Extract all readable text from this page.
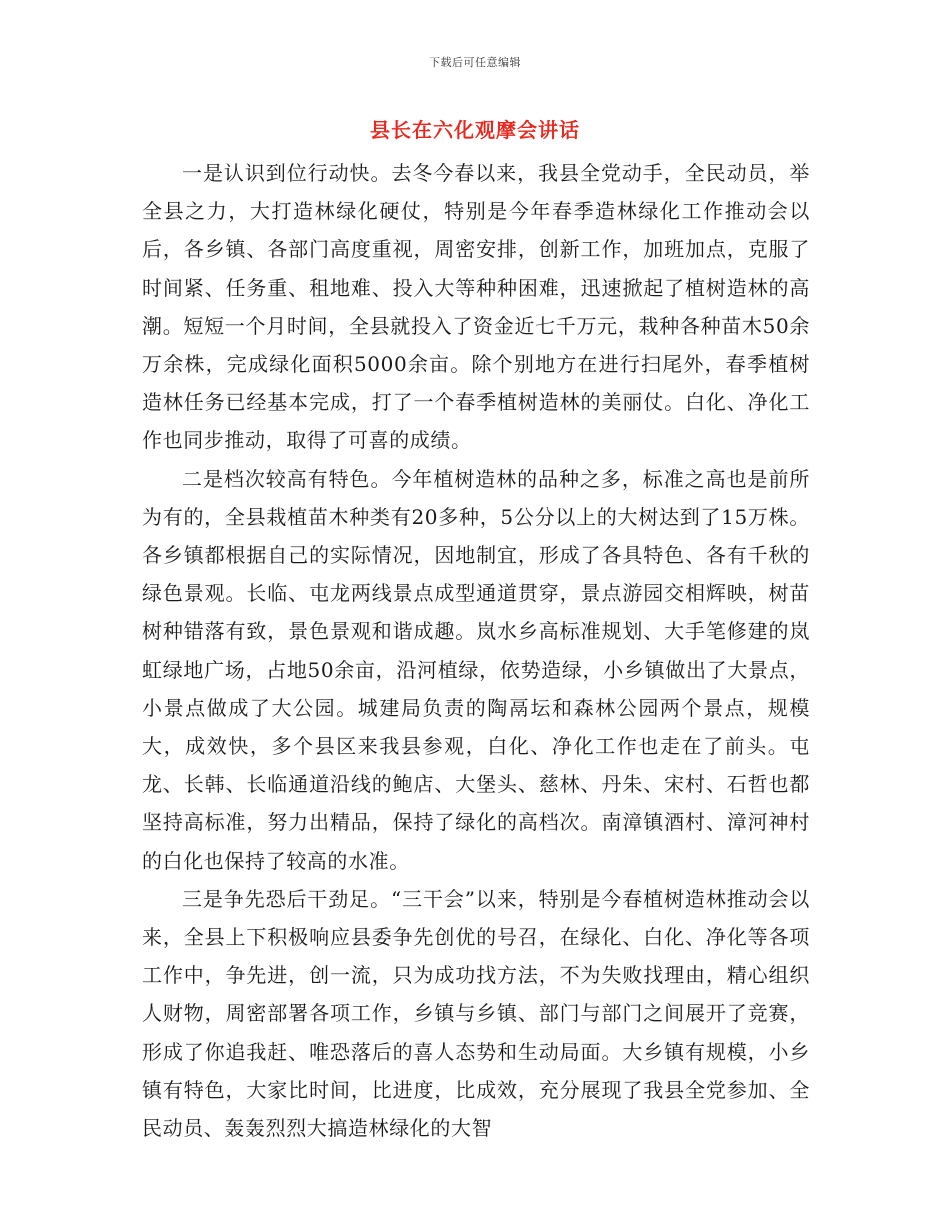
下载后可任意编辑
县长在六化观摩会讲话

一是认识到位行动快。去冬今春以来，我县全党动手，全民动员，举全县之力，大打造林绿化硬仗，特别是今年春季造林绿化工作推动会以后，各乡镇、各部门高度重视，周密安排，创新工作，加班加点，克服了时间紧、任务重、租地难、投入大等种种困难，迅速掀起了植树造林的高潮。短短一个月时间，全县就投入了资金近七千万元，栽种各种苗木50余万余株，完成绿化面积5000余亩。除个别地方在进行扫尾外，春季植树造林任务已经基本完成，打了一个春季植树造林的美丽仗。白化、净化工作也同步推动，取得了可喜的成绩。

二是档次较高有特色。今年植树造林的品种之多，标准之高也是前所为有的，全县栽植苗木种类有20多种，5公分以上的大树达到了15万株。各乡镇都根据自己的实际情况，因地制宜，形成了各具特色、各有千秋的绿色景观。长临、屯龙两线景点成型通道贯穿，景点游园交相辉映，树苗树种错落有致，景色景观和谐成趣。岚水乡高标准规划、大手笔修建的岚虹绿地广场，占地50余亩，沿河植绿，依势造绿，小乡镇做出了大景点，小景点做成了大公园。城建局负责的陶鬲坛和森林公园两个景点，规模大，成效快，多个县区来我县参观，白化、净化工作也走在了前头。屯龙、长韩、长临通道沿线的鲍店、大堡头、慈林、丹朱、宋村、石哲也都坚持高标准，努力出精品，保持了绿化的高档次。南漳镇酒村、漳河神村的白化也保持了较高的水准。

三是争先恐后干劲足。“三干会”以来，特别是今春植树造林推动会以来，全县上下积极响应县委争先创优的号召，在绿化、白化、净化等各项工作中，争先进，创一流，只为成功找方法，不为失败找理由，精心组织人财物，周密部署各项工作，乡镇与乡镇、部门与部门之间展开了竞赛，形成了你追我赶、唯恐落后的喜人态势和生动局面。大乡镇有规模，小乡镇有特色，大家比时间，比进度，比成效，充分展现了我县全党参加、全民动员、轰轰烈烈大搞造林绿化的大智
